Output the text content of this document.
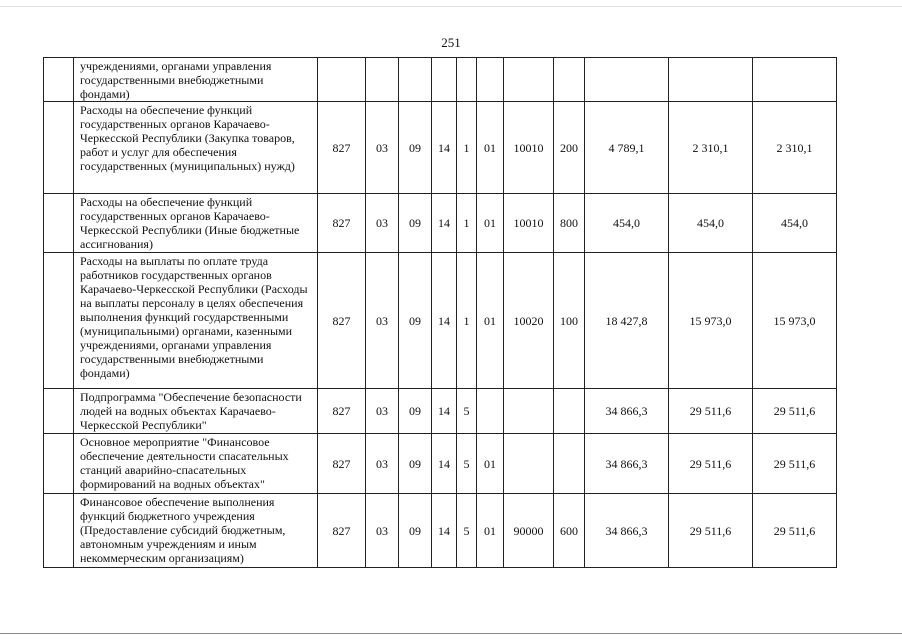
251
	учреждениями, органами управления государственными внебюджетными фондами)											
	Расходы на обеспечение функций государственных органов Карачаево-Черкесской Республики (Закупка товаров, работ и услуг для обеспечения государственных (муниципальных) нужд)	827	03	09	14	1	01	10010	200	4 789,1	2 310,1	2 310,1
	Расходы на обеспечение функций государственных органов Карачаево-Черкесской Республики (Иные бюджетные ассигнования)	827	03	09	14	1	01	10010	800	454,0	454,0	454,0
	Расходы на выплаты по оплате труда работников государственных органов Карачаево-Черкесской Республики (Расходы на выплаты персоналу в целях обеспечения выполнения функций государственными (муниципальными) органами, казенными учреждениями, органами управления государственными внебюджетными фондами)	827	03	09	14	1	01	10020	100	18 427,8	15 973,0	15 973,0
	Подпрограмма "Обеспечение безопасности людей на водных объектах Карачаево-Черкесской Республики"	827	03	09	14	5				34 866,3	29 511,6	29 511,6
	Основное мероприятие "Финансовое обеспечение деятельности спасательных станций аварийно-спасательных формирований на водных объектах"	827	03	09	14	5	01			34 866,3	29 511,6	29 511,6
	Финансовое обеспечение выполнения функций бюджетного учреждения (Предоставление субсидий бюджетным, автономным учреждениям и иным некоммерческим организациям)	827	03	09	14	5	01	90000	600	34 866,3	29 511,6	29 511,6
